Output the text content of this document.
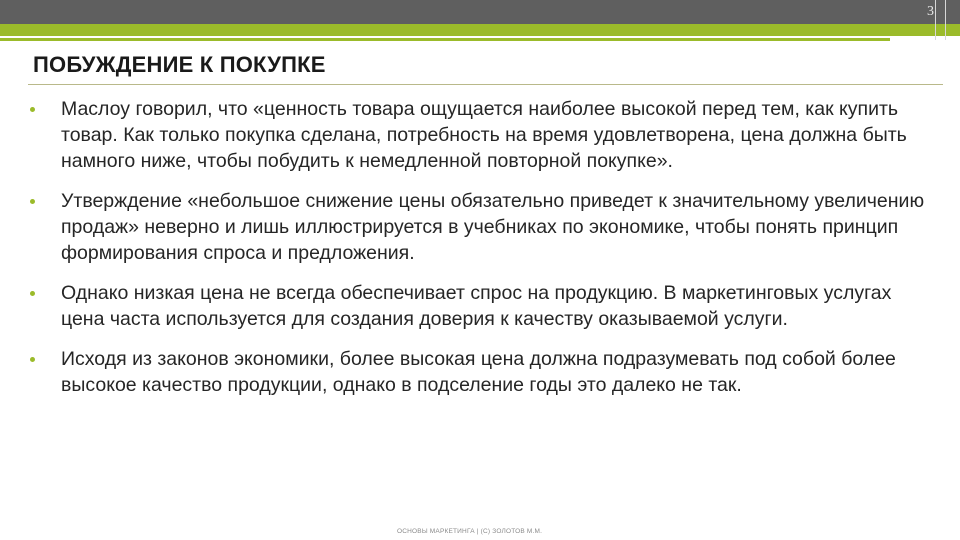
3
ПОБУЖДЕНИЕ К ПОКУПКЕ
Маслоу говорил, что «ценность товара ощущается наиболее высокой перед тем, как купить товар. Как только покупка сделана, потребность на время удовлетворена, цена должна быть намного ниже, чтобы побудить к немедленной повторной покупке».
Утверждение «небольшое снижение цены обязательно приведет к значительному увеличению продаж» неверно и лишь иллюстрируется в учебниках по экономике, чтобы понять принцип формирования спроса и предложения.
Однако низкая цена не всегда обеспечивает спрос на продукцию. В маркетинговых услугах цена часта используется для создания доверия к качеству оказываемой услуги.
Исходя из законов экономики, более высокая цена должна подразумевать под собой более высокое качество продукции, однако в подселение годы это далеко не так.
ОСНОВЫ МАРКЕТИНГА | (С) ЗОЛОТОВ М.М.
